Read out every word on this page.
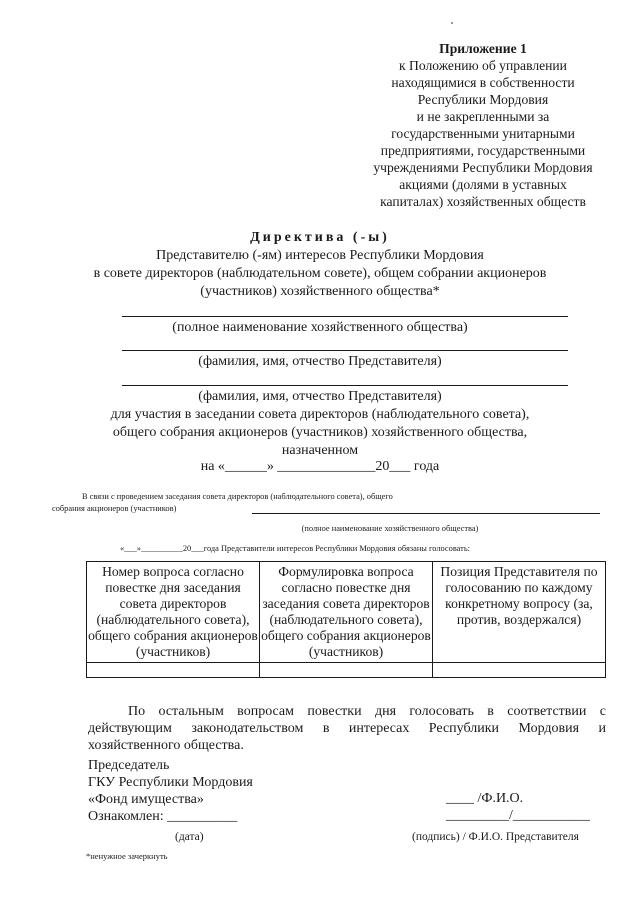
Приложение 1
к Положению об управлении
находящимися в собственности
Республики Мордовия
и не закрепленными за
государственными унитарными
предприятиями, государственными
учреждениями Республики Мордовия
акциями (долями в уставных
капиталах) хозяйственных обществ
Директива (-ы)
Представителю (-ям) интересов Республики Мордовия
в совете директоров (наблюдательном совете), общем собрании акционеров
(участников) хозяйственного общества*
(полное наименование хозяйственного общества)
(фамилия, имя, отчество Представителя)
(фамилия, имя, отчество Представителя)
для участия в заседании совета директоров (наблюдательного совета),
общего собрания акционеров (участников) хозяйственного общества,
назначенном
на «______» ______________20___ года
В связи с проведением заседания совета директоров (наблюдательного совета), общего
собрания акционеров (участников)
(полное наименование хозяйственного общества)
«___»__________20___года Представители интересов Республики Мордовия обязаны голосовать:
Номер вопроса согласно повестке дня заседания совета директоров (наблюдательного совета), общего собрания акционеров (участников)	Формулировка вопроса согласно повестке дня заседания совета директоров (наблюдательного совета), общего собрания акционеров (участников)	Позиция Представителя по голосованию по каждому конкретному вопросу (за, против, воздержался)

По остальным вопросам повестки дня голосовать в соответствии с действующим законодательством в интересах Республики Мордовия и хозяйственного общества.
Председатель
ГКУ Республики Мордовия
«Фонд имущества»
Ознакомлен: __________
(дата)
____ /Ф.И.О.
_________/___________
(подпись) / Ф.И.О. Представителя
*ненужное зачеркнуть
